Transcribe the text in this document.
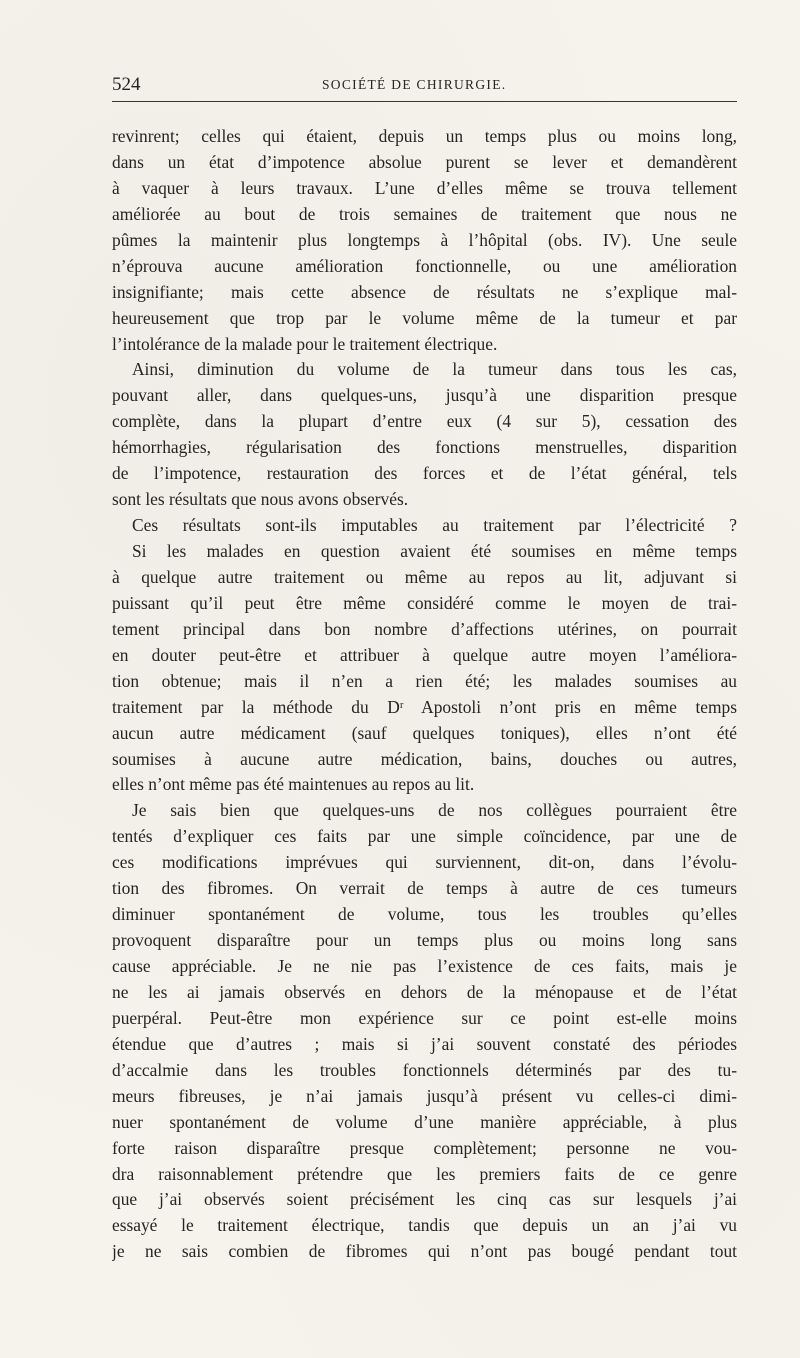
524	SOCIÉTÉ DE CHIRURGIE.
revinrent; celles qui étaient, depuis un temps plus ou moins long,
dans un état d’impotence absolue purent se lever et demandèrent
à vaquer à leurs travaux. L’une d’elles même se trouva tellement
améliorée au bout de trois semaines de traitement que nous ne
pûmes la maintenir plus longtemps à l’hôpital (obs. IV). Une seule
n’éprouva aucune amélioration fonctionnelle, ou une amélioration
insignifiante; mais cette absence de résultats ne s’explique mal-
heureusement que trop par le volume même de la tumeur et par
l’intolérance de la malade pour le traitement électrique.
Ainsi, diminution du volume de la tumeur dans tous les cas,
pouvant aller, dans quelques-uns, jusqu’à une disparition presque
complète, dans la plupart d’entre eux (4 sur 5), cessation des
hémorrhagies, régularisation des fonctions menstruelles, disparition
de l’impotence, restauration des forces et de l’état général, tels
sont les résultats que nous avons observés.
Ces résultats sont-ils imputables au traitement par l’électricité ?
Si les malades en question avaient été soumises en même temps
à quelque autre traitement ou même au repos au lit, adjuvant si
puissant qu’il peut être même considéré comme le moyen de trai-
tement principal dans bon nombre d’affections utérines, on pourrait
en douter peut-être et attribuer à quelque autre moyen l’améliora-
tion obtenue; mais il n’en a rien été; les malades soumises au
traitement par la méthode du Dʳ Apostoli n’ont pris en même temps
aucun autre médicament (sauf quelques toniques), elles n’ont été
soumises à aucune autre médication, bains, douches ou autres,
elles n’ont même pas été maintenues au repos au lit.
Je sais bien que quelques-uns de nos collègues pourraient être
tentés d’expliquer ces faits par une simple coïncidence, par une de
ces modifications imprévues qui surviennent, dit-on, dans l’évolu-
tion des fibromes. On verrait de temps à autre de ces tumeurs
diminuer spontanément de volume, tous les troubles qu’elles
provoquent disparaître pour un temps plus ou moins long sans
cause appréciable. Je ne nie pas l’existence de ces faits, mais je
ne les ai jamais observés en dehors de la ménopause et de l’état
puerpéral. Peut-être mon expérience sur ce point est-elle moins
étendue que d’autres ; mais si j’ai souvent constaté des périodes
d’accalmie dans les troubles fonctionnels déterminés par des tu-
meurs fibreuses, je n’ai jamais jusqu’à présent vu celles-ci dimi-
nuer spontanément de volume d’une manière appréciable, à plus
forte raison disparaître presque complètement; personne ne vou-
dra raisonnablement prétendre que les premiers faits de ce genre
que j’ai observés soient précisément les cinq cas sur lesquels j’ai
essayé le traitement électrique, tandis que depuis un an j’ai vu
je ne sais combien de fibromes qui n’ont pas bougé pendant tout
